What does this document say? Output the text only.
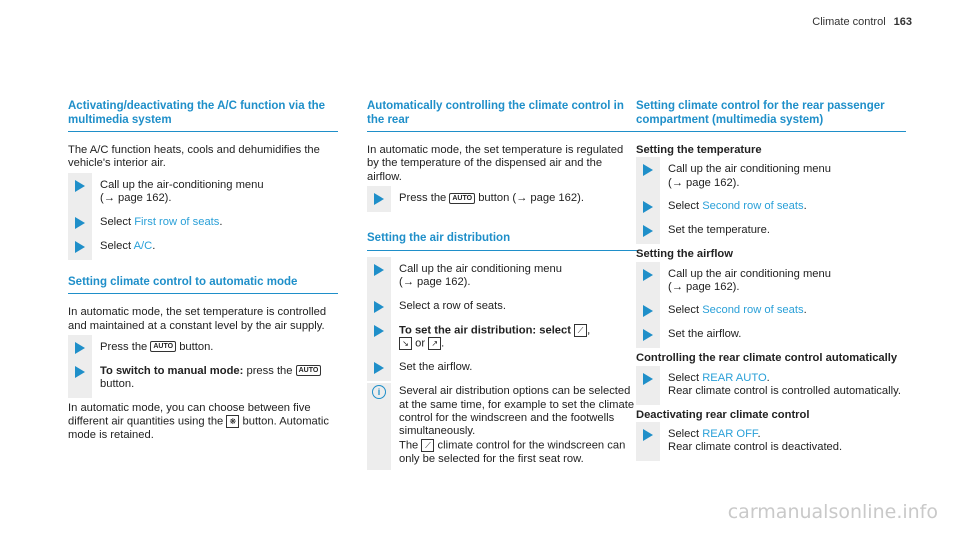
Climate control 163
Activating/deactivating the A/C function via the multimedia system

The A/C function heats, cools and dehumidifies the vehicle's interior air.

Call up the air-conditioning menu
(→ page 162).
Select First row of seats.
Select A/C.
Setting climate control to automatic mode

In automatic mode, the set temperature is controlled and maintained at a constant level by the air supply.

Press the AUTO button.
To switch to manual mode: press the AUTO
button.

In automatic mode, you can choose between five different air quantities using the ❋ button. Automatic mode is retained.

Automatically controlling the climate control in the rear

In automatic mode, the set temperature is regulated by the temperature of the dispensed air and the airflow.

Press the AUTO button (→ page 162).
Setting the air distribution
Call up the air conditioning menu
(→ page 162).
Select a row of seats.
To set the air distribution: select ⟋ ,
↘ or ↗ .
Set the airflow.
i	Several air distribution options can be selected at the same time, for example to set the climate control for the windscreen and the footwells simultaneously.
The ⟋ climate control for the windscreen can only be selected for the first seat row.
Setting climate control for the rear passenger compartment (multimedia system)
Setting the temperature
Call up the air conditioning menu
(→ page 162).
Select Second row of seats.
Set the temperature.
Setting the airflow
Call up the air conditioning menu
(→ page 162).
Select Second row of seats.
Set the airflow.
Controlling the rear climate control automatically
Select REAR AUTO.
Rear climate control is controlled automatically.
Deactivating rear climate control
Select REAR OFF.
Rear climate control is deactivated.
carmanualsonline.info
